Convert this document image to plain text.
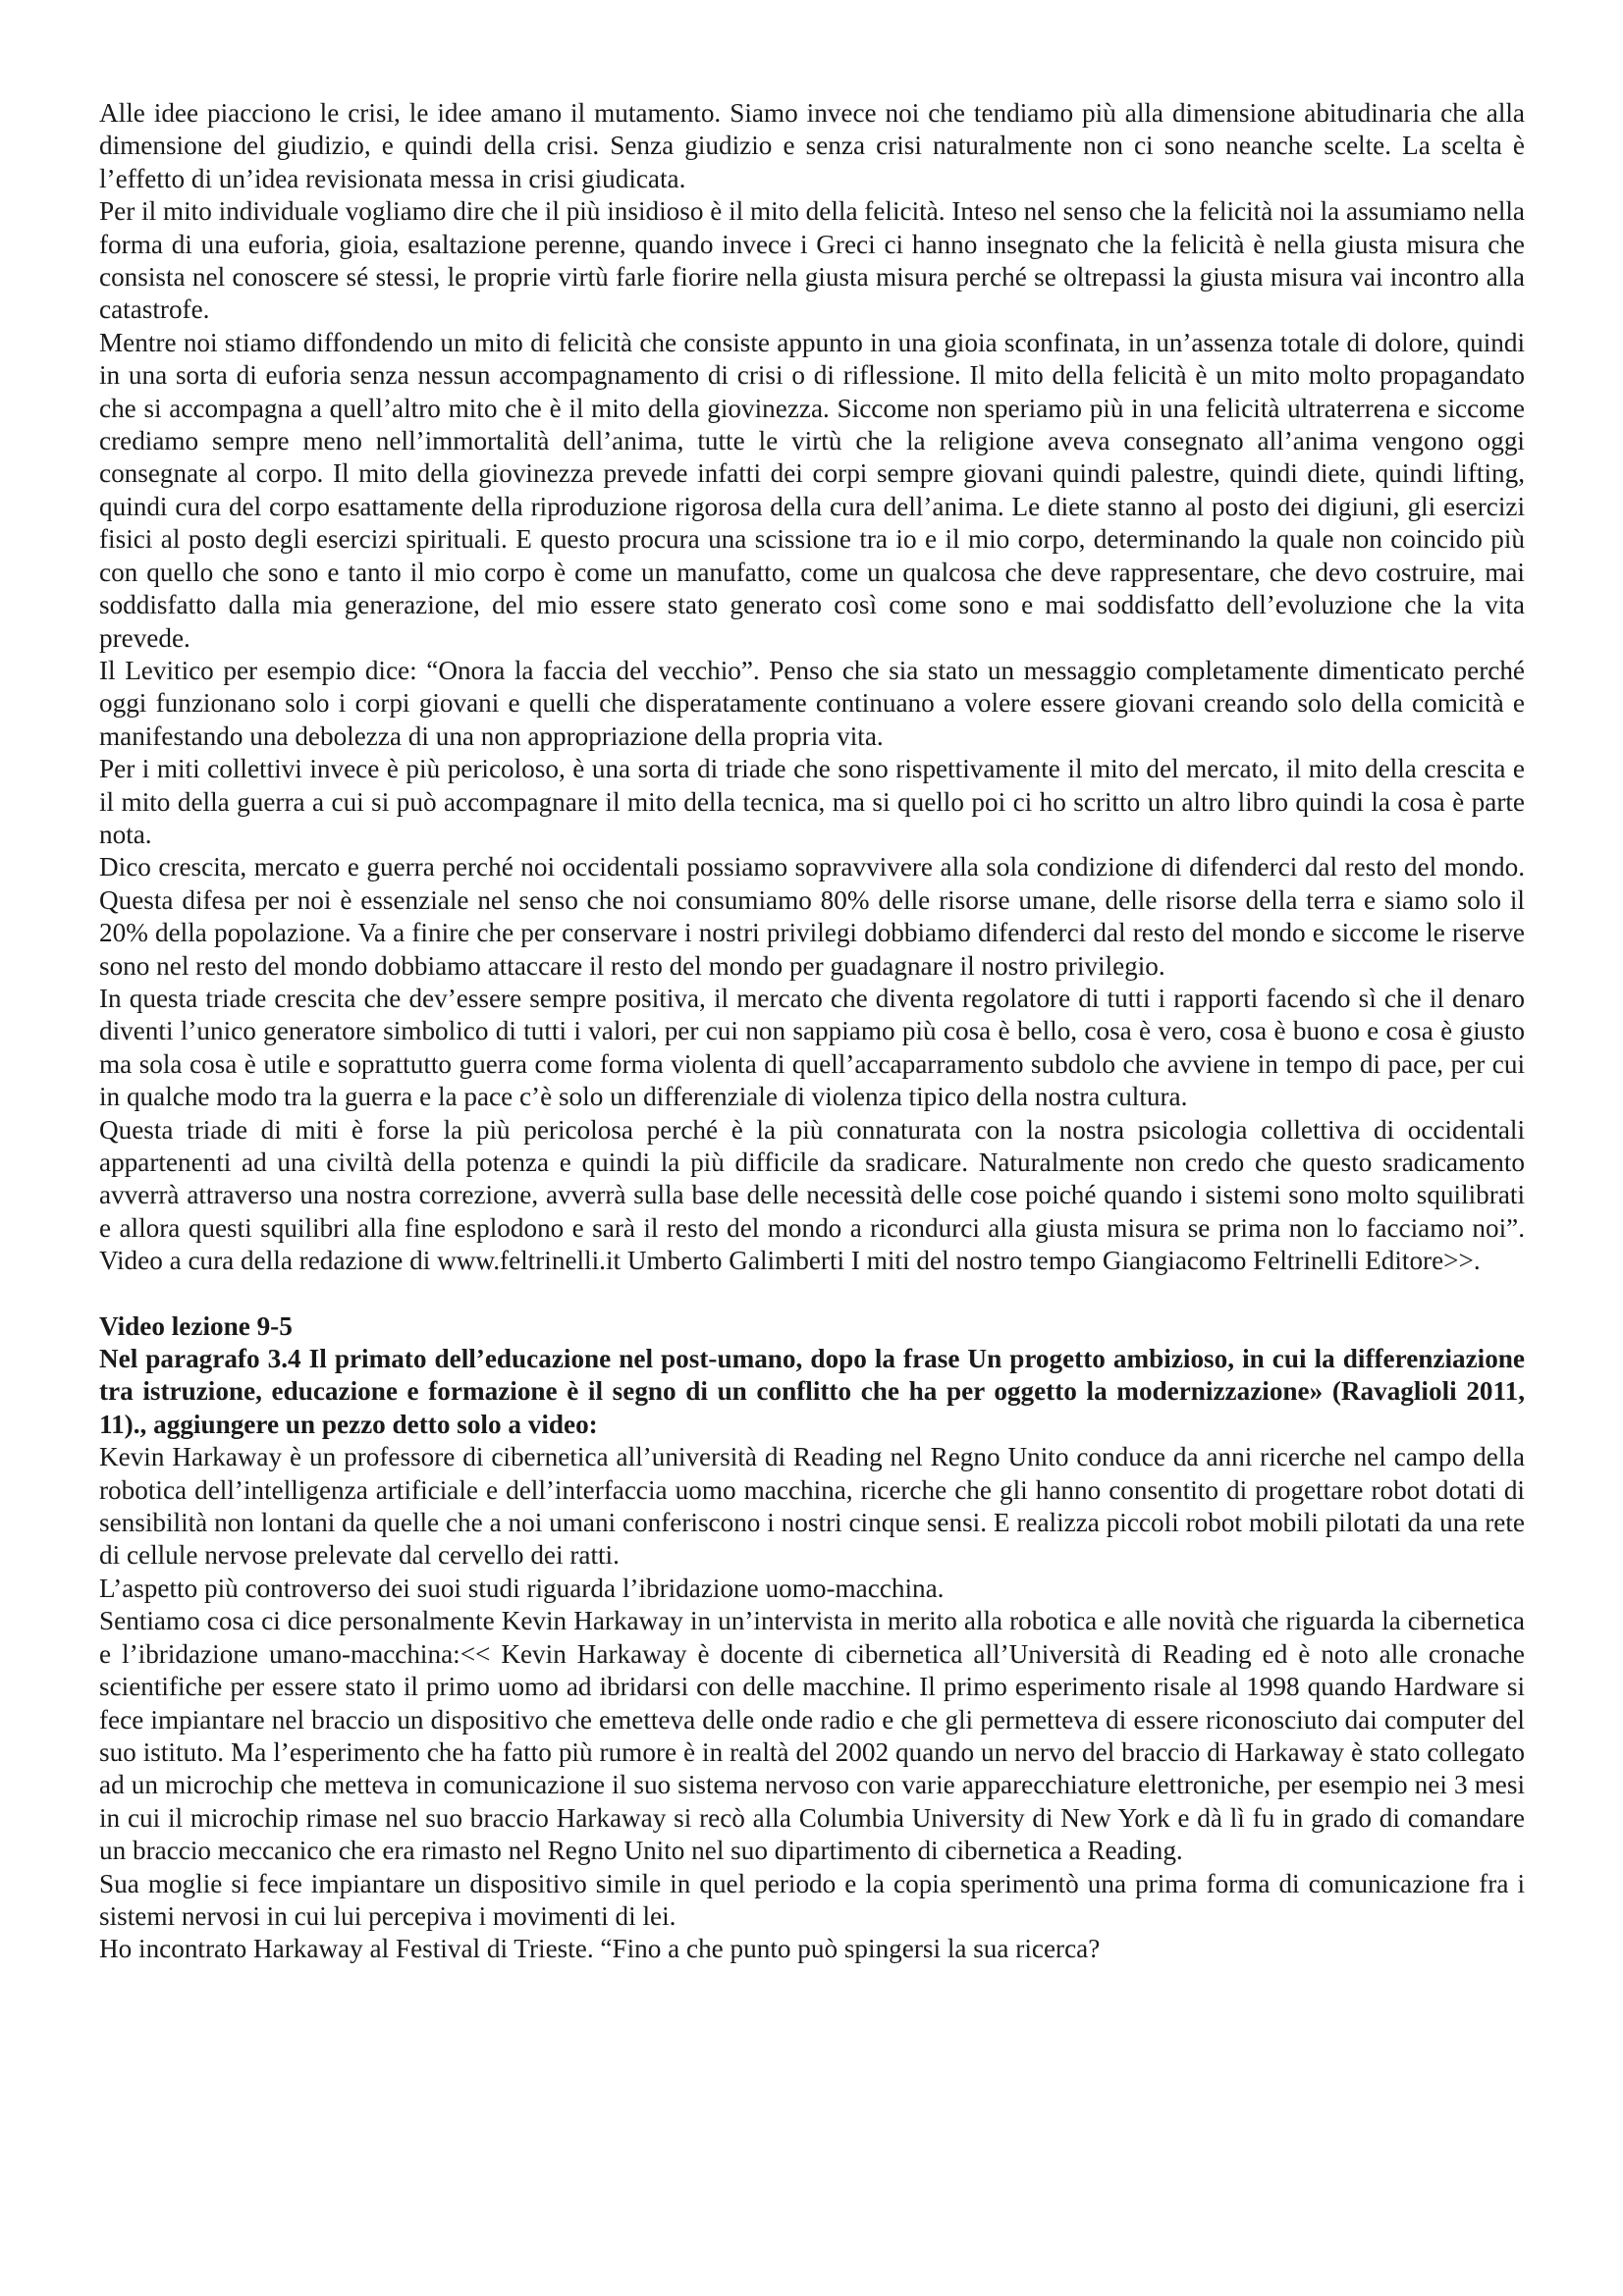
Alle idee piacciono le crisi, le idee amano il mutamento. Siamo invece noi che tendiamo più alla dimensione abitudinaria che alla dimensione del giudizio, e quindi della crisi. Senza giudizio e senza crisi naturalmente non ci sono neanche scelte. La scelta è l’effetto di un’idea revisionata messa in crisi giudicata.

Per il mito individuale vogliamo dire che il più insidioso è il mito della felicità. Inteso nel senso che la felicità noi la assumiamo nella forma di una euforia, gioia, esaltazione perenne, quando invece i Greci ci hanno insegnato che la felicità è nella giusta misura che consista nel conoscere sé stessi, le proprie virtù farle fiorire nella giusta misura perché se oltrepassi la giusta misura vai incontro alla catastrofe.

Mentre noi stiamo diffondendo un mito di felicità che consiste appunto in una gioia sconfinata, in un’assenza totale di dolore, quindi in una sorta di euforia senza nessun accompagnamento di crisi o di riflessione. Il mito della felicità è un mito molto propagandato che si accompagna a quell’altro mito che è il mito della giovinezza. Siccome non speriamo più in una felicità ultraterrena e siccome crediamo sempre meno nell’immortalità dell’anima, tutte le virtù che la religione aveva consegnato all’anima vengono oggi consegnate al corpo. Il mito della giovinezza prevede infatti dei corpi sempre giovani quindi palestre, quindi diete, quindi lifting, quindi cura del corpo esattamente della riproduzione rigorosa della cura dell’anima. Le diete stanno al posto dei digiuni, gli esercizi fisici al posto degli esercizi spirituali. E questo procura una scissione tra io e il mio corpo, determinando la quale non coincido più con quello che sono e tanto il mio corpo è come un manufatto, come un qualcosa che deve rappresentare, che devo costruire, mai soddisfatto dalla mia generazione, del mio essere stato generato così come sono e mai soddisfatto dell’evoluzione che la vita prevede.

Il Levitico per esempio dice: “Onora la faccia del vecchio”. Penso che sia stato un messaggio completamente dimenticato perché oggi funzionano solo i corpi giovani e quelli che disperatamente continuano a volere essere giovani creando solo della comicità e manifestando una debolezza di una non appropriazione della propria vita.

Per i miti collettivi invece è più pericoloso, è una sorta di triade che sono rispettivamente il mito del mercato, il mito della crescita e il mito della guerra a cui si può accompagnare il mito della tecnica, ma si quello poi ci ho scritto un altro libro quindi la cosa è parte nota.

Dico crescita, mercato e guerra perché noi occidentali possiamo sopravvivere alla sola condizione di difenderci dal resto del mondo. Questa difesa per noi è essenziale nel senso che noi consumiamo 80% delle risorse umane, delle risorse della terra e siamo solo il 20% della popolazione. Va a finire che per conservare i nostri privilegi dobbiamo difenderci dal resto del mondo e siccome le riserve sono nel resto del mondo dobbiamo attaccare il resto del mondo per guadagnare il nostro privilegio.

In questa triade crescita che dev’essere sempre positiva, il mercato che diventa regolatore di tutti i rapporti facendo sì che il denaro diventi l’unico generatore simbolico di tutti i valori, per cui non sappiamo più cosa è bello, cosa è vero, cosa è buono e cosa è giusto ma sola cosa è utile e soprattutto guerra come forma violenta di quell’accaparramento subdolo che avviene in tempo di pace, per cui in qualche modo tra la guerra e la pace c’è solo un differenziale di violenza tipico della nostra cultura.

Questa triade di miti è forse la più pericolosa perché è la più connaturata con la nostra psicologia collettiva di occidentali appartenenti ad una civiltà della potenza e quindi la più difficile da sradicare. Naturalmente non credo che questo sradicamento avverrà attraverso una nostra correzione, avverrà sulla base delle necessità delle cose poiché quando i sistemi sono molto squilibrati e allora questi squilibri alla fine esplodono e sarà il resto del mondo a ricondurci alla giusta misura se prima non lo facciamo noi”. Video a cura della redazione di www.feltrinelli.it Umberto Galimberti I miti del nostro tempo Giangiacomo Feltrinelli Editore>>.

Video lezione 9-5

Nel paragrafo 3.4 Il primato dell’educazione nel post-umano, dopo la frase Un progetto ambizioso, in cui la differenziazione tra istruzione, educazione e formazione è il segno di un conflitto che ha per oggetto la modernizzazione» (Ravaglioli 2011, 11)., aggiungere un pezzo detto solo a video:

Kevin Harkaway è un professore di cibernetica all’università di Reading nel Regno Unito conduce da anni ricerche nel campo della robotica dell’intelligenza artificiale e dell’interfaccia uomo macchina, ricerche che gli hanno consentito di progettare robot dotati di sensibilità non lontani da quelle che a noi umani conferiscono i nostri cinque sensi. E realizza piccoli robot mobili pilotati da una rete di cellule nervose prelevate dal cervello dei ratti.

L’aspetto più controverso dei suoi studi riguarda l’ibridazione uomo-macchina.

Sentiamo cosa ci dice personalmente Kevin Harkaway in un’intervista in merito alla robotica e alle novità che riguarda la cibernetica e l’ibridazione umano-macchina:<< Kevin Harkaway è docente di cibernetica all’Università di Reading ed è noto alle cronache scientifiche per essere stato il primo uomo ad ibridarsi con delle macchine. Il primo esperimento risale al 1998 quando Hardware si fece impiantare nel braccio un dispositivo che emetteva delle onde radio e che gli permetteva di essere riconosciuto dai computer del suo istituto. Ma l’esperimento che ha fatto più rumore è in realtà del 2002 quando un nervo del braccio di Harkaway è stato collegato ad un microchip che metteva in comunicazione il suo sistema nervoso con varie apparecchiature elettroniche, per esempio nei 3 mesi in cui il microchip rimase nel suo braccio Harkaway si recò alla Columbia University di New York e dà lì fu in grado di comandare un braccio meccanico che era rimasto nel Regno Unito nel suo dipartimento di cibernetica a Reading.

Sua moglie si fece impiantare un dispositivo simile in quel periodo e la copia sperimentò una prima forma di comunicazione fra i sistemi nervosi in cui lui percepiva i movimenti di lei.

Ho incontrato Harkaway al Festival di Trieste. “Fino a che punto può spingersi la sua ricerca?
